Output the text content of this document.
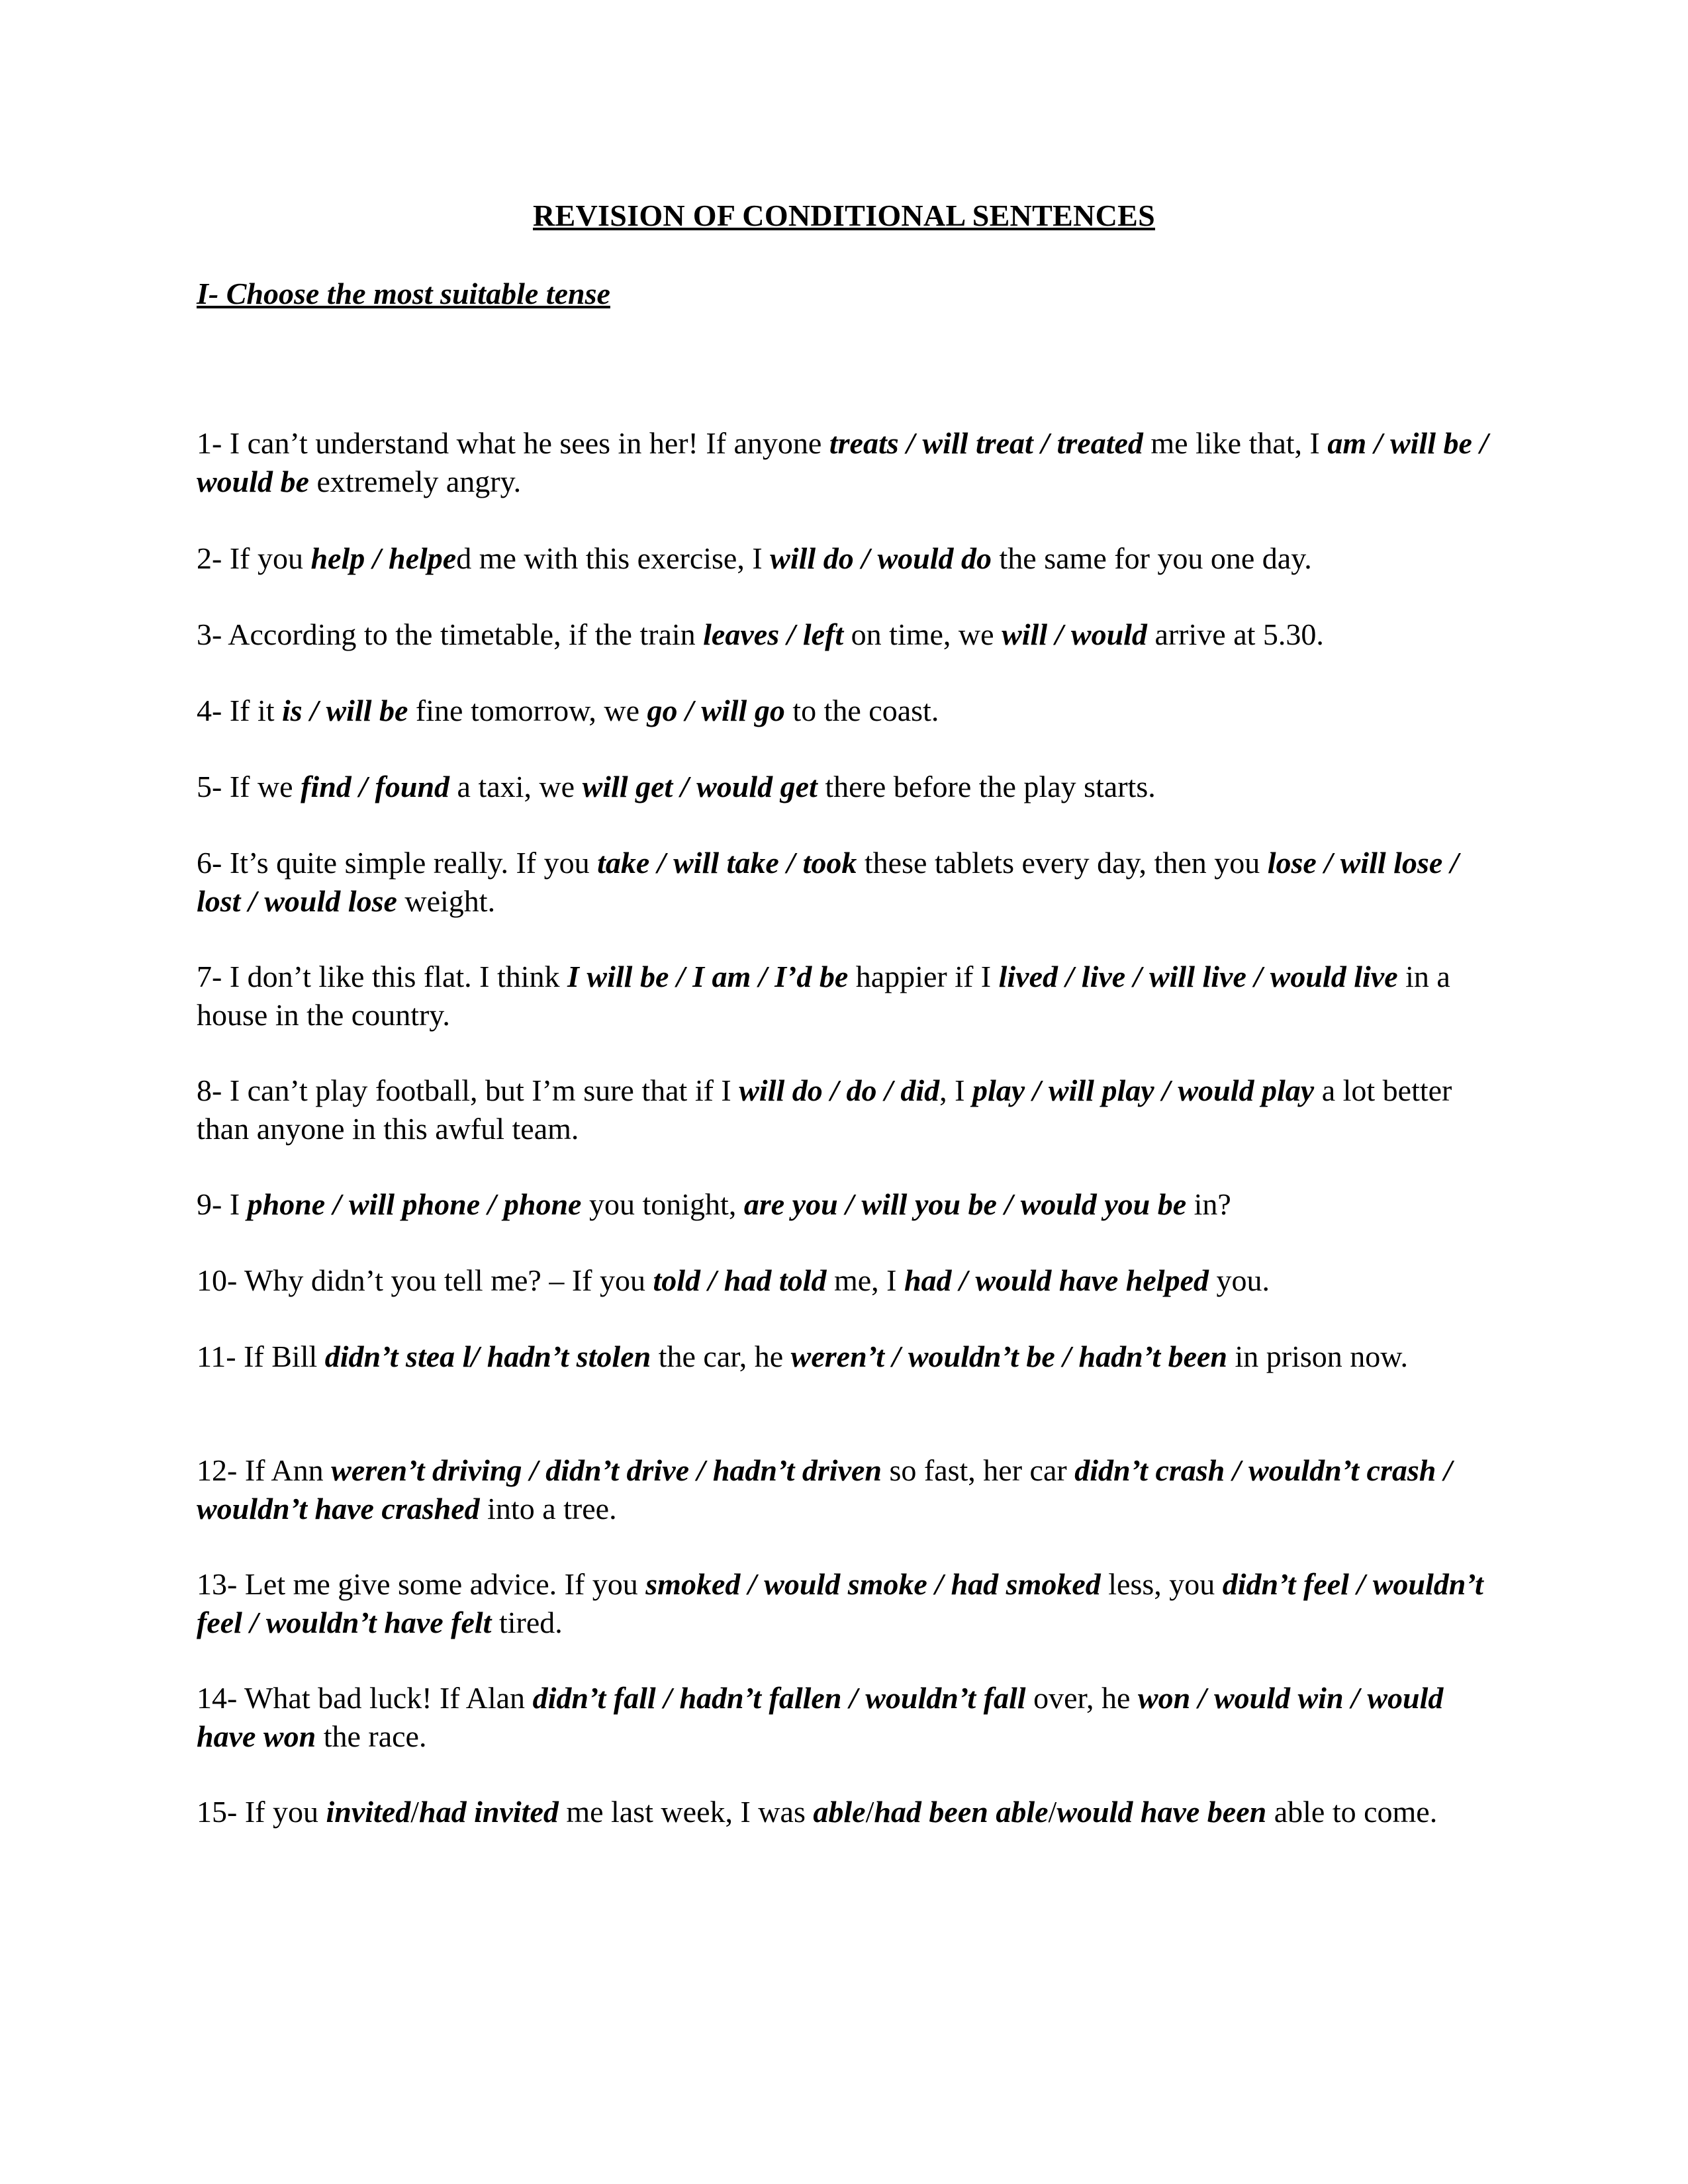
REVISION OF CONDITIONAL SENTENCES
I- Choose the most suitable tense

1- I can’t understand what he sees in her! If anyone treats / will treat / treated me like that, I am / will be / would be extremely angry.

2- If you help / helped me with this exercise, I will do / would do the same for you one day.

3- According to the timetable, if the train leaves / left on time, we will / would arrive at 5.30.

4- If it is / will be fine tomorrow, we go / will go to the coast.

5- If we find / found a taxi, we will get / would get there before the play starts.

6- It’s quite simple really. If you take / will take / took these tablets every day, then you lose / will lose / lost / would lose weight.

7- I don’t like this flat. I think I will be / I am / I’d be happier if I lived / live / will live / would live in a house in the country.

8- I can’t play football, but I’m sure that if I will do / do / did, I play / will play / would play a lot better than anyone in this awful team.

9- I phone / will phone / phone you tonight, are you / will you be / would you be in?

10- Why didn’t you tell me? – If you told / had told me, I had / would have helped you.

11- If Bill didn’t stea l/ hadn’t stolen the car, he weren’t / wouldn’t be / hadn’t been in prison now.

12- If Ann weren’t driving / didn’t drive / hadn’t driven so fast, her car didn’t crash / wouldn’t crash / wouldn’t have crashed into a tree.

13- Let me give some advice. If you smoked / would smoke / had smoked less, you didn’t feel / wouldn’t feel / wouldn’t have felt tired.

14- What bad luck! If Alan didn’t fall / hadn’t fallen / wouldn’t fall over, he won / would win / would have won the race.

15- If you invited/had invited me last week, I was able/had been able/would have been able to come.
